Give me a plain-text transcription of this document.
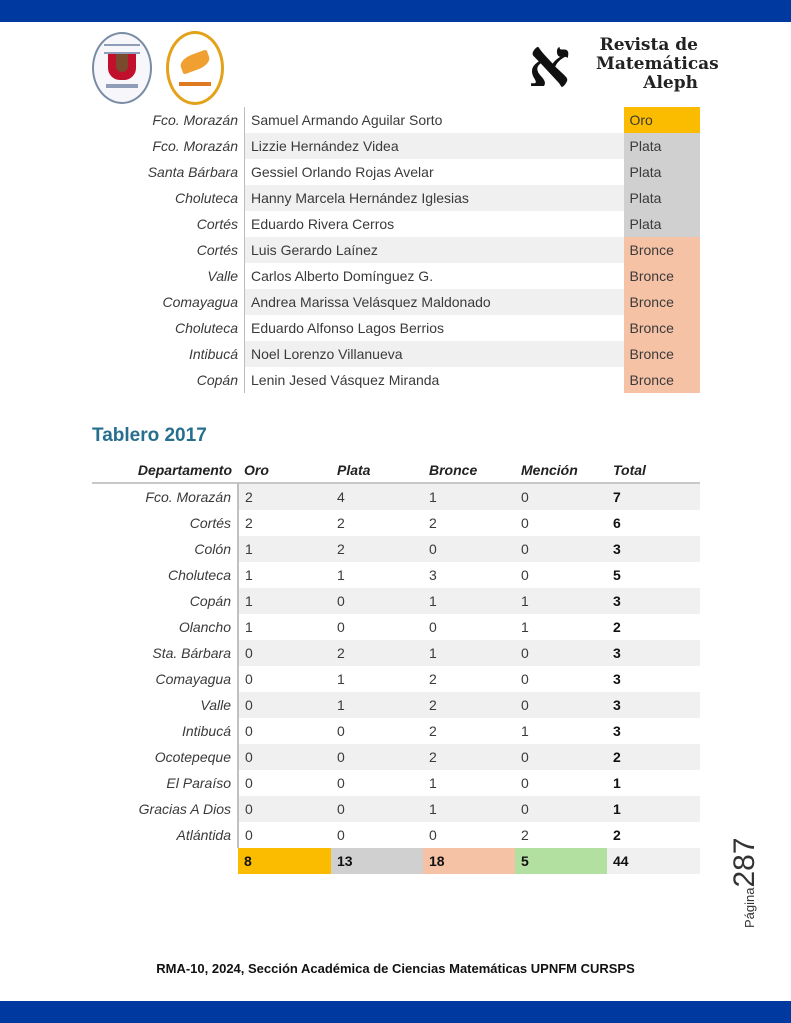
א Revista de
Matemáticas
Aleph
Fco. Morazán	Samuel Armando Aguilar Sorto	Oro
Fco. Morazán	Lizzie Hernández Videa	Plata
Santa Bárbara	Gessiel Orlando Rojas Avelar	Plata
Choluteca	Hanny Marcela Hernández Iglesias	Plata
Cortés	Eduardo Rivera Cerros	Plata
Cortés	Luis Gerardo Laínez	Bronce
Valle	Carlos Alberto Domínguez G.	Bronce
Comayagua	Andrea Marissa Velásquez Maldonado	Bronce
Choluteca	Eduardo Alfonso Lagos Berrios	Bronce
Intibucá	Noel Lorenzo Villanueva	Bronce
Copán	Lenin Jesed Vásquez Miranda	Bronce
Tablero 2017
Departamento	Oro	Plata	Bronce	Mención	Total
Fco. Morazán	2	4	1	0	7
Cortés	2	2	2	0	6
Colón	1	2	0	0	3
Choluteca	1	1	3	0	5
Copán	1	0	1	1	3
Olancho	1	0	0	1	2
Sta. Bárbara	0	2	1	0	3
Comayagua	0	1	2	0	3
Valle	0	1	2	0	3
Intibucá	0	0	2	1	3
Ocotepeque	0	0	2	0	2
El Paraíso	0	0	1	0	1
Gracias A Dios	0	0	1	0	1
Atlántida	0	0	0	2	2
	8	13	18	5	44
Página287
RMA-10, 2024, Sección Académica de Ciencias Matemáticas UPNFM CURSPS
